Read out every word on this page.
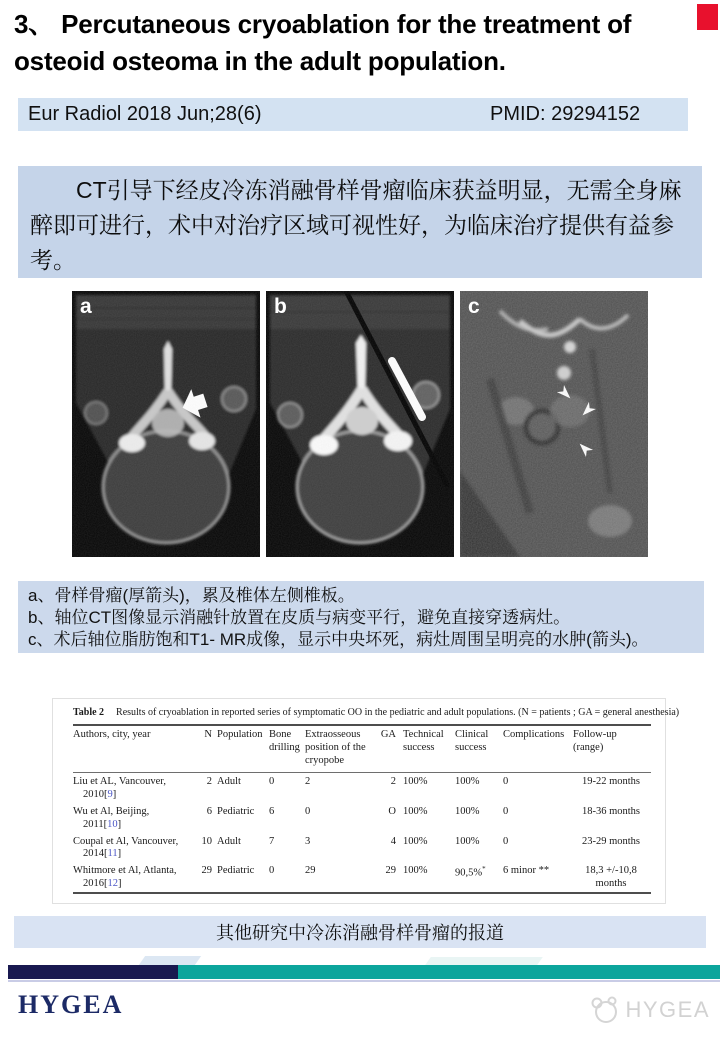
3、 Percutaneous cryoablation for the treatment of osteoid osteoma in the adult population.
Eur Radiol 2018 Jun;28(6)	PMID: 29294152

CT引导下经皮冷冻消融骨样骨瘤临床获益明显，无需全身麻醉即可进行，术中对治疗区域可视性好，为临床治疗提供有益参考。

a	b	c
a、骨样骨瘤(厚箭头)，累及椎体左侧椎板。
b、轴位CT图像显示消融针放置在皮质与病变平行，避免直接穿透病灶。
c、术后轴位脂肪饱和T1- MR成像，显示中央坏死，病灶周围呈明亮的水肿(箭头)。
Table 2 Results of cryoablation in reported series of symptomatic OO in the pediatric and adult populations. (N = patients ; GA = general anesthesia)
Authors, city, year	N	Population	Bone drilling	Extraosseous position of the cryopobe	GA	Technical success	Clinical success	Complications	Follow-up (range)
Liu et AL, Vancouver, 2010[9]	2	Adult	0	2	2	100%	100%	0	19-22 months
Wu et Al, Beijing, 2011[10]	6	Pediatric	6	0	O	100%	100%	0	18-36 months
Coupal et Al, Vancouver, 2014[11]	10	Adult	7	3	4	100%	100%	0	23-29 months
Whitmore et Al, Atlanta, 2016[12]	29	Pediatric	0	29	29	100%	90,5%*	6 minor **	18,3 +/-10,8 months
其他研究中冷冻消融骨样骨瘤的报道
HYGEA	HYGEA
